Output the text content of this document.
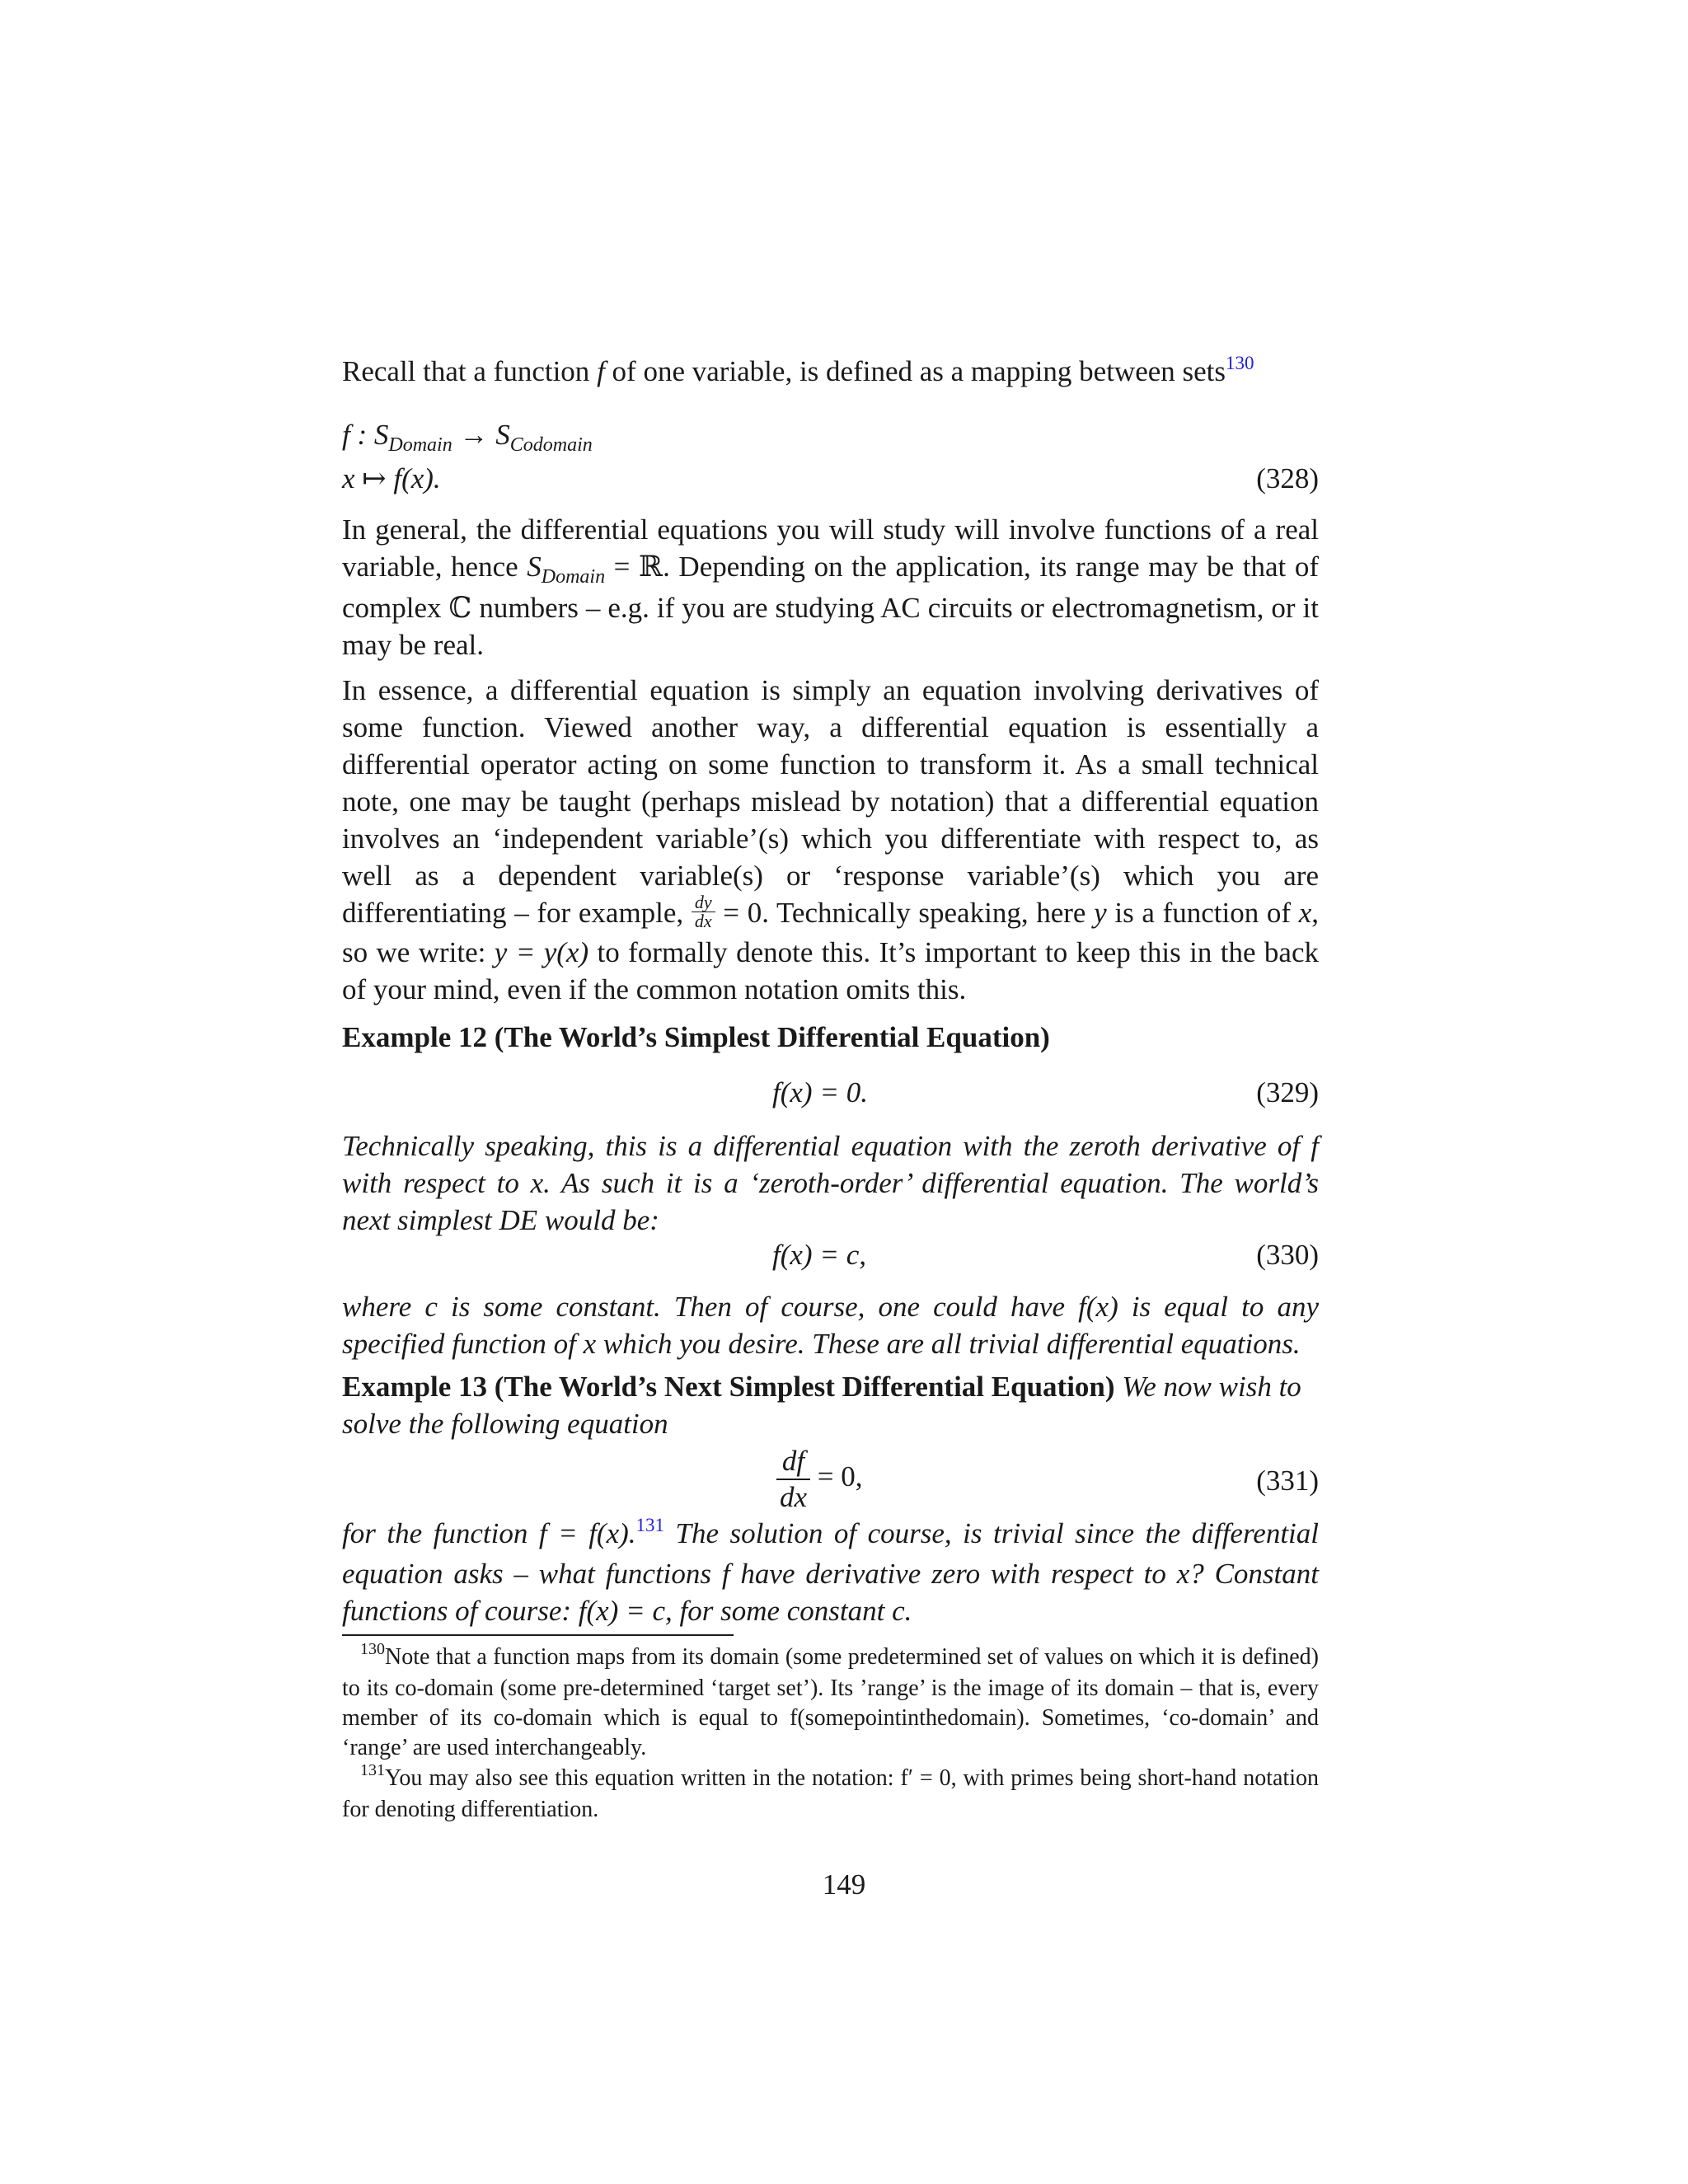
Recall that a function f of one variable, is defined as a mapping between sets$^{130}$

f : $S_{Domain} \to S_{Codomain}$
x ↦ f(x).	(328)

In general, the differential equations you will study will involve functions of a real variable, hence $S_{Domain}$ = ℝ. Depending on the application, its range may be that of complex ℂ numbers – e.g. if you are studying AC circuits or electromagnetism, or it may be real.

In essence, a differential equation is simply an equation involving derivatives of some function. Viewed another way, a differential equation is essentially a differential operator acting on some function to transform it. As a small technical note, one may be taught (perhaps mislead by notation) that a differential equation involves an ‘independent variable’(s) which you differentiate with respect to, as well as a dependent variable(s) or ‘response variable’(s) which you are differentiating – for example, $\frac{dy}{dx} = 0$. Technically speaking, here y is a function of x, so we write: y = y(x) to formally denote this. It’s important to keep this in the back of your mind, even if the common notation omits this.

Example 12 (The World’s Simplest Differential Equation)

f(x) = 0.	(329)

Technically speaking, this is a differential equation with the zeroth derivative of f with respect to x. As such it is a ‘zeroth-order’ differential equation. The world’s next simplest DE would be:

f(x) = c,	(330)

where c is some constant. Then of course, one could have f(x) is equal to any specified function of x which you desire. These are all trivial differential equations.

Example 13 (The World’s Next Simplest Differential Equation) We now wish to solve the following equation

$\frac{df}{dx} = 0$,	(331)

for the function f = f(x).$^{131}$ The solution of course, is trivial since the differential equation asks – what functions f have derivative zero with respect to x? Constant functions of course: f(x) = c, for some constant c.

$^{130}$Note that a function maps from its domain (some predetermined set of values on which it is defined) to its co-domain (some pre-determined ‘target set’). Its ’range’ is the image of its domain – that is, every member of its co-domain which is equal to f(somepointinthedomain). Sometimes, ‘co-domain’ and ‘range’ are used interchangeably.

$^{131}$You may also see this equation written in the notation: f′ = 0, with primes being short-hand notation for denoting differentiation.

149
